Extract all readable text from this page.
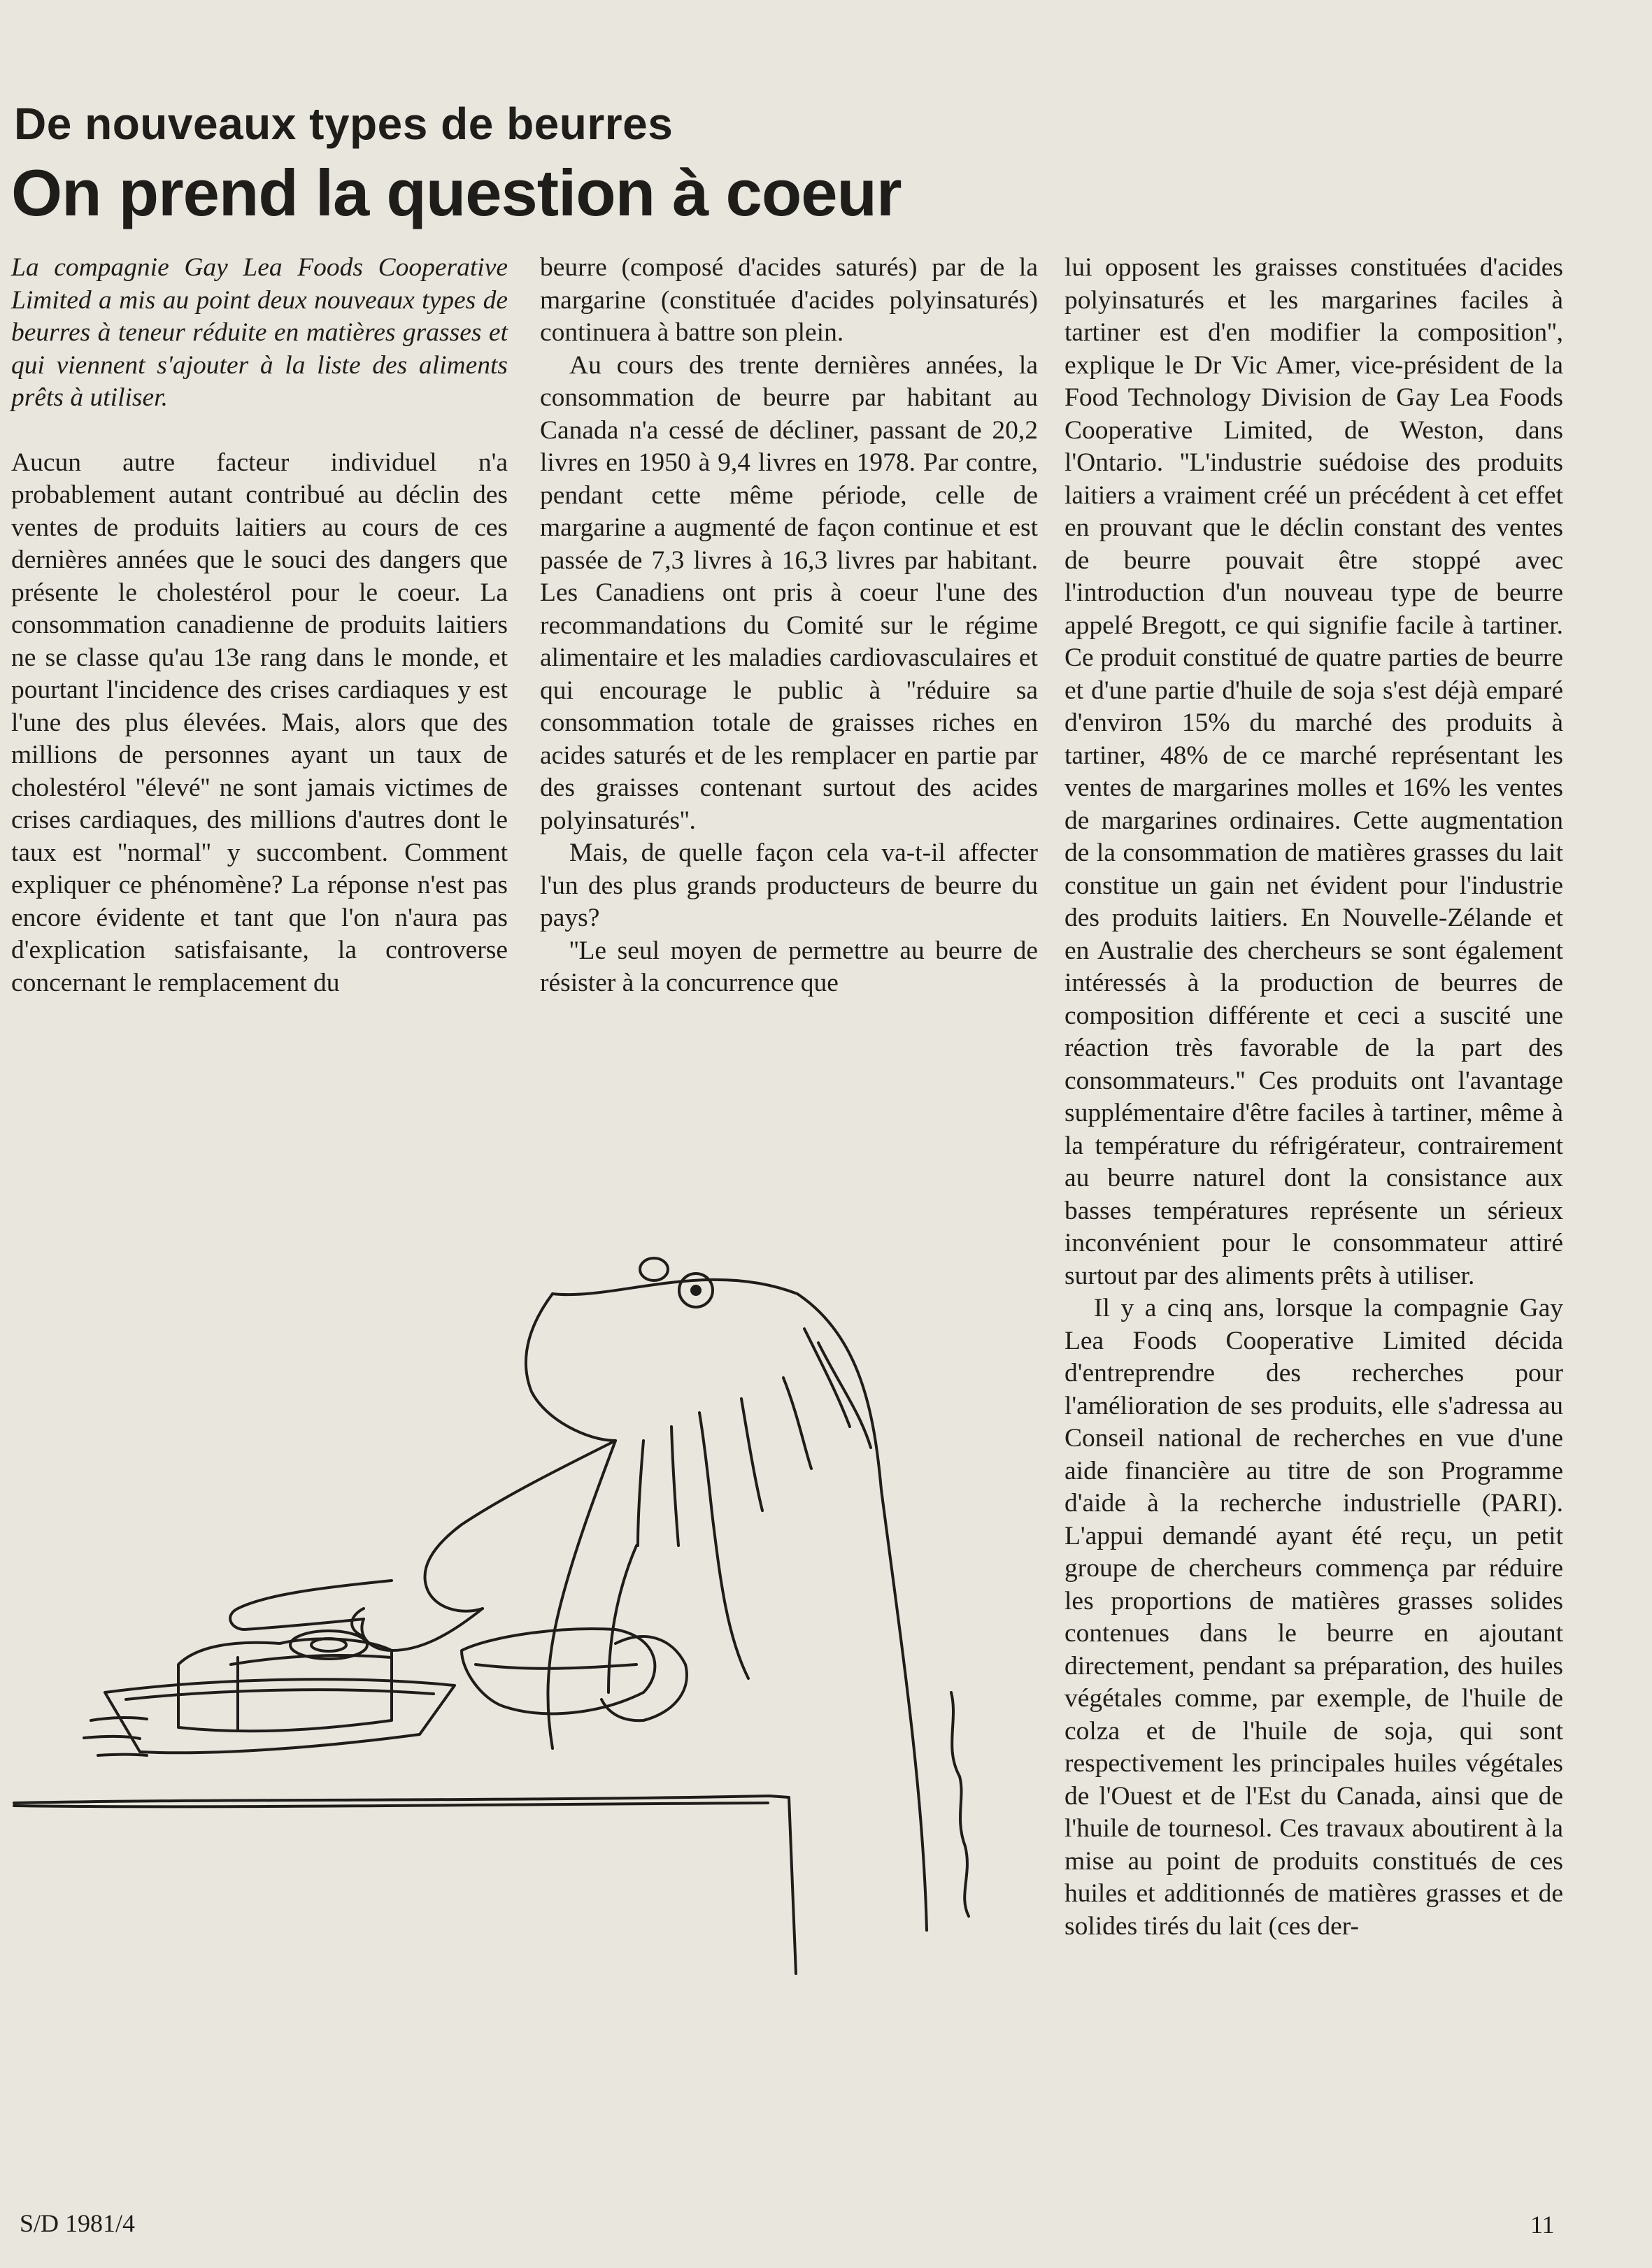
De nouveaux types de beurres
On prend la question à coeur

La compagnie Gay Lea Foods Cooperative Limited a mis au point deux nouveaux types de beurres à teneur réduite en matières grasses et qui viennent s'ajouter à la liste des aliments prêts à utiliser.

Aucun autre facteur individuel n'a probablement autant contribué au déclin des ventes de produits laitiers au cours de ces dernières années que le souci des dangers que présente le cholestérol pour le coeur. La consommation canadienne de produits laitiers ne se classe qu'au 13e rang dans le monde, et pourtant l'incidence des crises cardiaques y est l'une des plus élevées. Mais, alors que des millions de personnes ayant un taux de cholestérol ''élevé'' ne sont jamais victimes de crises cardiaques, des millions d'autres dont le taux est ''normal'' y succombent. Comment expliquer ce phénomène? La réponse n'est pas encore évidente et tant que l'on n'aura pas d'explication satisfaisante, la controverse concernant le remplacement du

beurre (composé d'acides saturés) par de la margarine (constituée d'acides polyinsaturés) continuera à battre son plein.

Au cours des trente dernières années, la consommation de beurre par habitant au Canada n'a cessé de décliner, passant de 20,2 livres en 1950 à 9,4 livres en 1978. Par contre, pendant cette même période, celle de margarine a augmenté de façon continue et est passée de 7,3 livres à 16,3 livres par habitant. Les Canadiens ont pris à coeur l'une des recommandations du Comité sur le régime alimentaire et les maladies cardiovasculaires et qui encourage le public à ''réduire sa consommation totale de graisses riches en acides saturés et de les remplacer en partie par des graisses contenant surtout des acides polyinsaturés''.

Mais, de quelle façon cela va-t-il affecter l'un des plus grands producteurs de beurre du pays?

''Le seul moyen de permettre au beurre de résister à la concurrence que

lui opposent les graisses constituées d'acides polyinsaturés et les margarines faciles à tartiner est d'en modifier la composition'', explique le Dr Vic Amer, vice-président de la Food Technology Division de Gay Lea Foods Cooperative Limited, de Weston, dans l'Ontario. ''L'industrie suédoise des produits laitiers a vraiment créé un précédent à cet effet en prouvant que le déclin constant des ventes de beurre pouvait être stoppé avec l'introduction d'un nouveau type de beurre appelé Bregott, ce qui signifie facile à tartiner. Ce produit constitué de quatre parties de beurre et d'une partie d'huile de soja s'est déjà emparé d'environ 15% du marché des produits à tartiner, 48% de ce marché représentant les ventes de margarines molles et 16% les ventes de margarines ordinaires. Cette augmentation de la consommation de matières grasses du lait constitue un gain net évident pour l'industrie des produits laitiers. En Nouvelle-Zélande et en Australie des chercheurs se sont également intéressés à la production de beurres de composition différente et ceci a suscité une réaction très favorable de la part des consommateurs.'' Ces produits ont l'avantage supplémentaire d'être faciles à tartiner, même à la température du réfrigérateur, contrairement au beurre naturel dont la consistance aux basses températures représente un sérieux inconvénient pour le consommateur attiré surtout par des aliments prêts à utiliser.

Il y a cinq ans, lorsque la compagnie Gay Lea Foods Cooperative Limited décida d'entreprendre des recherches pour l'amélioration de ses produits, elle s'adressa au Conseil national de recherches en vue d'une aide financière au titre de son Programme d'aide à la recherche industrielle (PARI). L'appui demandé ayant été reçu, un petit groupe de chercheurs commença par réduire les proportions de matières grasses solides contenues dans le beurre en ajoutant directement, pendant sa préparation, des huiles végétales comme, par exemple, de l'huile de colza et de l'huile de soja, qui sont respectivement les principales huiles végétales de l'Ouest et de l'Est du Canada, ainsi que de l'huile de tournesol. Ces travaux aboutirent à la mise au point de produits constitués de ces huiles et additionnés de matières grasses et de solides tirés du lait (ces der-

S/D 1981/4	11
